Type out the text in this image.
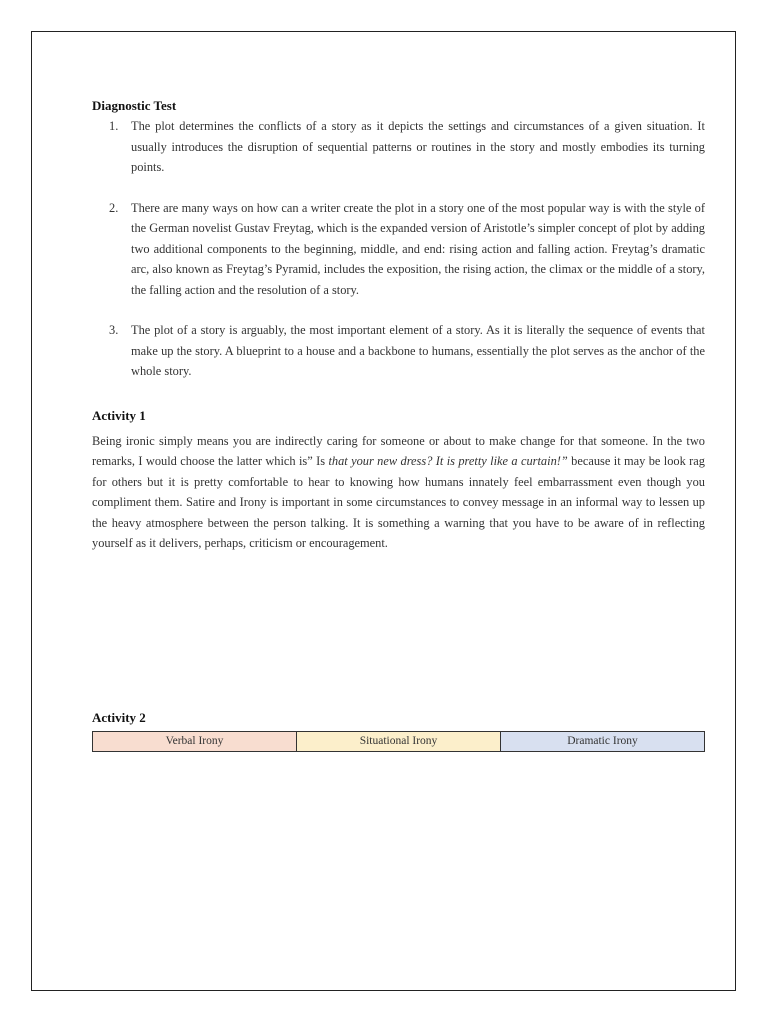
Diagnostic Test
1. The plot determines the conflicts of a story as it depicts the settings and circumstances of a given situation. It usually introduces the disruption of sequential patterns or routines in the story and mostly embodies its turning points.
2. There are many ways on how can a writer create the plot in a story one of the most popular way is with the style of the German novelist Gustav Freytag, which is the expanded version of Aristotle’s simpler concept of plot by adding two additional components to the beginning, middle, and end: rising action and falling action. Freytag’s dramatic arc, also known as Freytag’s Pyramid, includes the exposition, the rising action, the climax or the middle of a story, the falling action and the resolution of a story.
3. The plot of a story is arguably, the most important element of a story. As it is literally the sequence of events that make up the story. A blueprint to a house and a backbone to humans, essentially the plot serves as the anchor of the whole story.
Activity 1

Being ironic simply means you are indirectly caring for someone or about to make change for that someone. In the two remarks, I would choose the latter which is” Is that your new dress? It is pretty like a curtain!” because it may be look rag for others but it is pretty comfortable to hear to knowing how humans innately feel embarrassment even though you compliment them. Satire and Irony is important in some circumstances to convey message in an informal way to lessen up the heavy atmosphere between the person talking. It is something a warning that you have to be aware of in reflecting yourself as it delivers, perhaps, criticism or encouragement.

Activity 2
Verbal Irony	Situational Irony	Dramatic Irony
